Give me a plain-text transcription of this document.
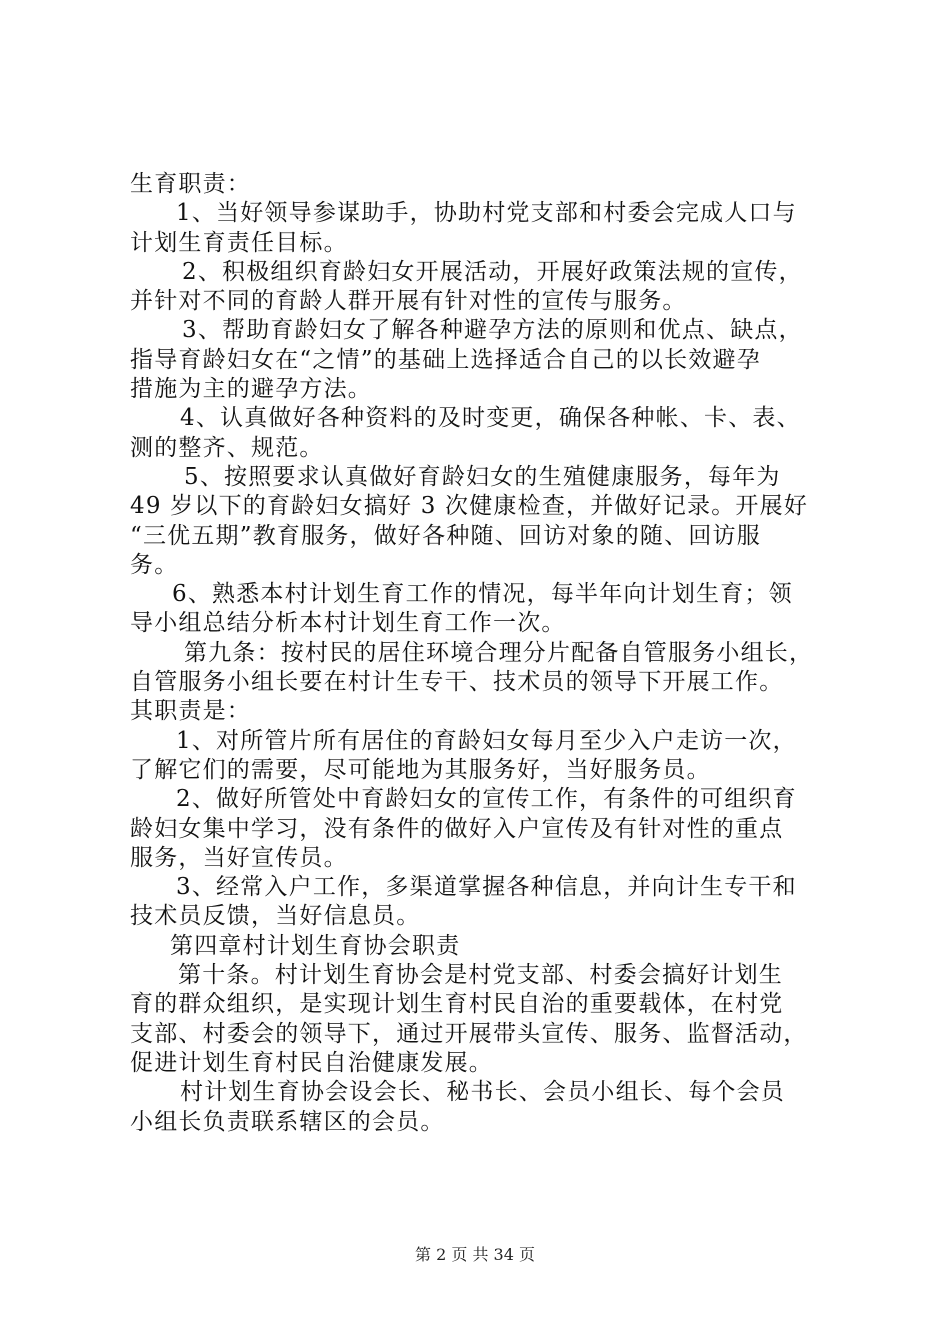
生育职责：
1、当好领导参谋助手，协助村党支部和村委会完成人口与
计划生育责任目标。
2、积极组织育龄妇女开展活动，开展好政策法规的宣传，
并针对不同的育龄人群开展有针对性的宣传与服务。
3、帮助育龄妇女了解各种避孕方法的原则和优点、缺点，
指导育龄妇女在“之情”的基础上选择适合自己的以长效避孕
措施为主的避孕方法。
4、认真做好各种资料的及时变更，确保各种帐、卡、表、
测的整齐、规范。
5、按照要求认真做好育龄妇女的生殖健康服务，每年为
49 岁以下的育龄妇女搞好 3 次健康检查，并做好记录。开展好
“三优五期”教育服务，做好各种随、回访对象的随、回访服
务。
6、熟悉本村计划生育工作的情况，每半年向计划生育；领
导小组总结分析本村计划生育工作一次。
第九条：按村民的居住环境合理分片配备自管服务小组长，
自管服务小组长要在村计生专干、技术员的领导下开展工作。
其职责是：
1、对所管片所有居住的育龄妇女每月至少入户走访一次，
了解它们的需要，尽可能地为其服务好，当好服务员。
2、做好所管处中育龄妇女的宣传工作，有条件的可组织育
龄妇女集中学习，没有条件的做好入户宣传及有针对性的重点
服务，当好宣传员。
3、经常入户工作，多渠道掌握各种信息，并向计生专干和
技术员反馈，当好信息员。
第四章村计划生育协会职责
第十条。村计划生育协会是村党支部、村委会搞好计划生
育的群众组织，是实现计划生育村民自治的重要载体，在村党
支部、村委会的领导下，通过开展带头宣传、服务、监督活动，
促进计划生育村民自治健康发展。
村计划生育协会设会长、秘书长、会员小组长、每个会员
小组长负责联系辖区的会员。
第 2 页 共 34 页
